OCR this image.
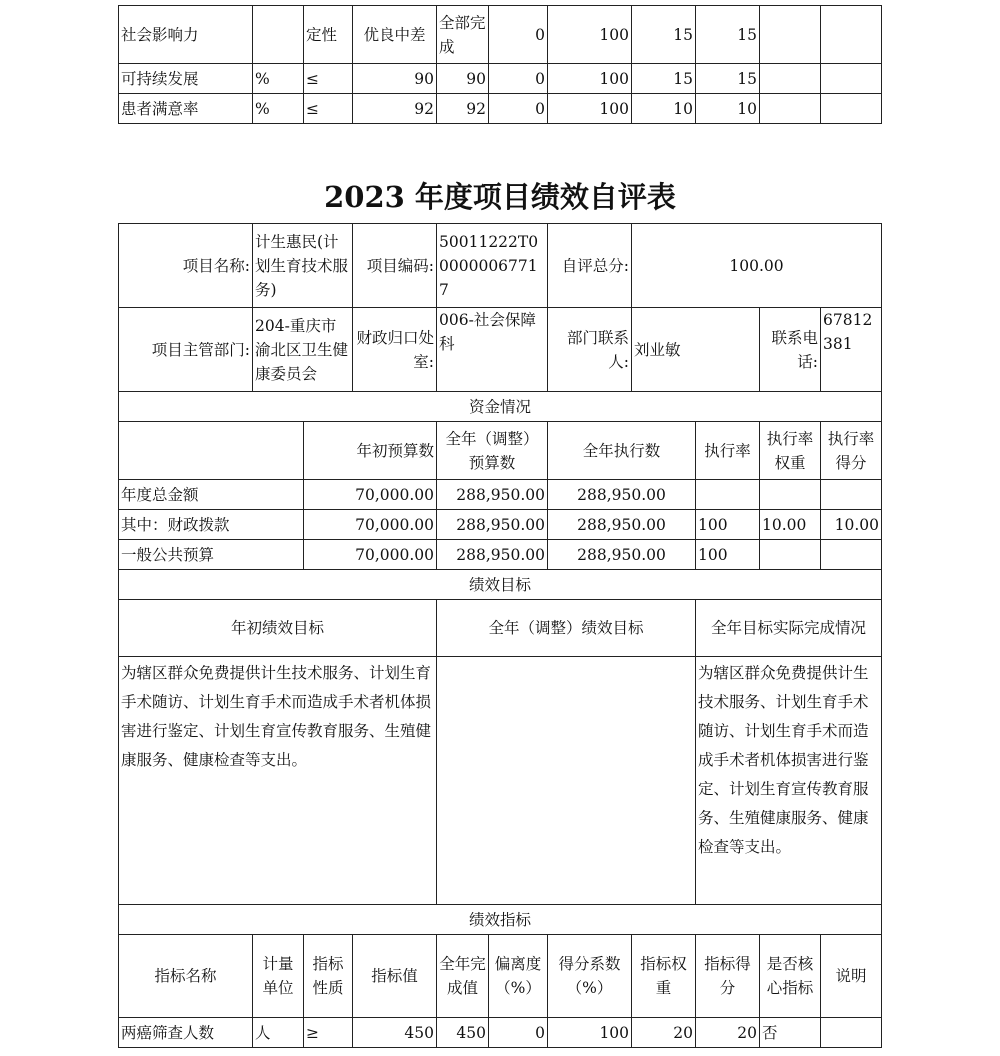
社会影响力		定性	优良中差	全部完成	0	100	15	15		
可持续发展	%	≤	90	90	0	100	15	15		
患者满意率	%	≤	92	92	0	100	10	10		
2023 年度项目绩效自评表
项目名称:	计生惠民(计划生育技术服务)		项目编码:	50011222T000000067717		自评总分:	100.00			
项目主管部门:	204-重庆市渝北区卫生健康委员会		财政归口处室:	006-社会保障科		部门联系人:	刘业敏		联系电话:	67812381
资金情况										
		年初预算数		全年（调整）预算数		全年执行数		执行率	执行率权重	执行率得分
年度总金额		70,000.00		288,950.00		288,950.00				
其中：财政拨款		70,000.00		288,950.00		288,950.00		100	10.00	10.00
一般公共预算		70,000.00		288,950.00		288,950.00		100		
绩效目标										
年初绩效目标				全年（调整）绩效目标				全年目标实际完成情况		
为辖区群众免费提供计生技术服务、计划生育手术随访、计划生育手术而造成手术者机体损害进行鉴定、计划生育宣传教育服务、生殖健康服务、健康检查等支出。								为辖区群众免费提供计生技术服务、计划生育手术随访、计划生育手术而造成手术者机体损害进行鉴定、计划生育宣传教育服务、生殖健康服务、健康检查等支出。		
绩效指标										
指标名称	计量单位	指标性质	指标值	全年完成值	偏离度（%）	得分系数（%）	指标权重	指标得分	是否核心指标	说明
两癌筛查人数	人	≥	450	450	0	100	20	20	否	
